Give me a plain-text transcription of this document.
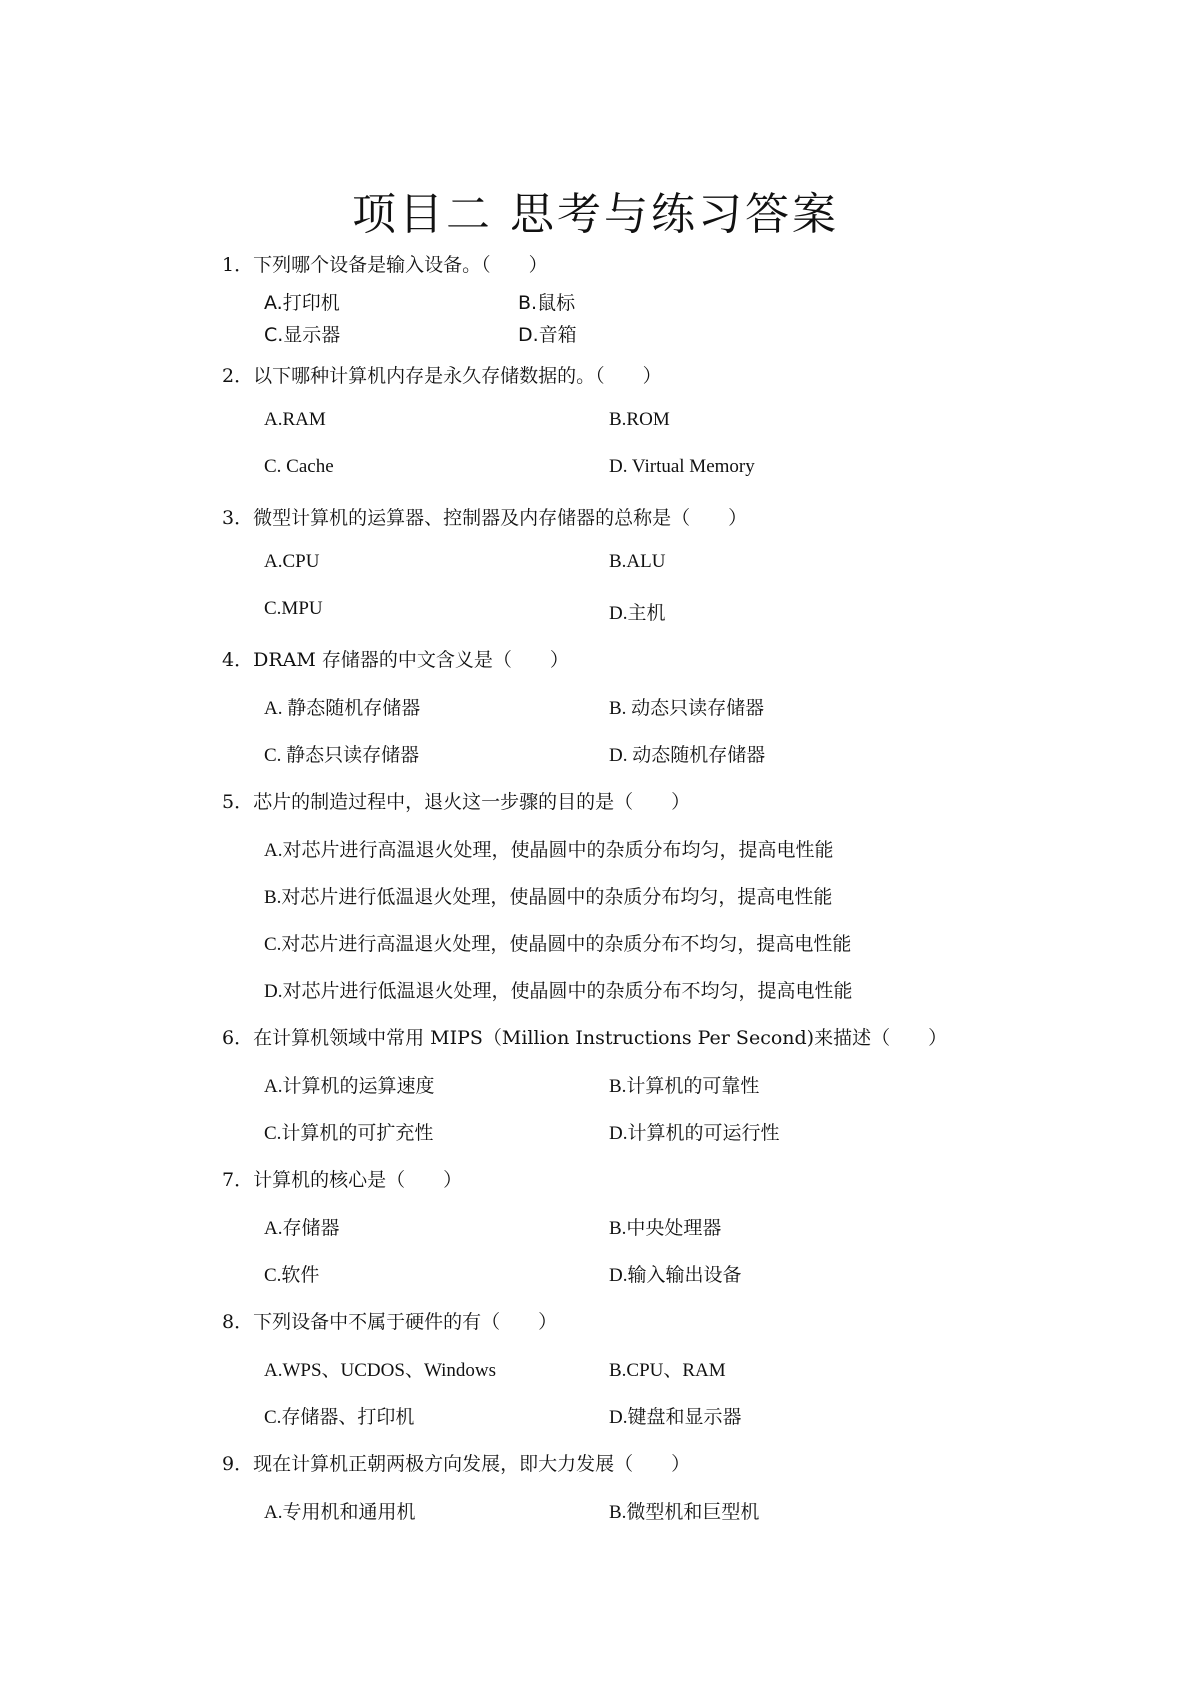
项目二 思考与练习答案
1．下列哪个设备是输入设备。（　　）
A.打印机	B.鼠标
C.显示器	D.音箱
2．以下哪种计算机内存是永久存储数据的。（　　）
A.RAM	B.ROM
C. Cache	D. Virtual Memory
3．微型计算机的运算器、控制器及内存储器的总称是（　　）
A.CPU	B.ALU
C.MPU	D.主机
4．DRAM 存储器的中文含义是（　　）
A. 静态随机存储器	B. 动态只读存储器
C. 静态只读存储器	D. 动态随机存储器
5．芯片的制造过程中，退火这一步骤的目的是（　　）
A.对芯片进行高温退火处理，使晶圆中的杂质分布均匀，提高电性能
B.对芯片进行低温退火处理，使晶圆中的杂质分布均匀，提高电性能
C.对芯片进行高温退火处理，使晶圆中的杂质分布不均匀，提高电性能
D.对芯片进行低温退火处理，使晶圆中的杂质分布不均匀，提高电性能
6．在计算机领域中常用 MIPS（Million Instructions Per Second)来描述（　　）
A.计算机的运算速度	B.计算机的可靠性
C.计算机的可扩充性	D.计算机的可运行性
7．计算机的核心是（　　）
A.存储器	B.中央处理器
C.软件	D.输入输出设备
8．下列设备中不属于硬件的有（　　）
A.WPS、UCDOS、Windows	B.CPU、RAM
C.存储器、打印机	D.键盘和显示器
9．现在计算机正朝两极方向发展，即大力发展（　　）
A.专用机和通用机	B.微型机和巨型机
